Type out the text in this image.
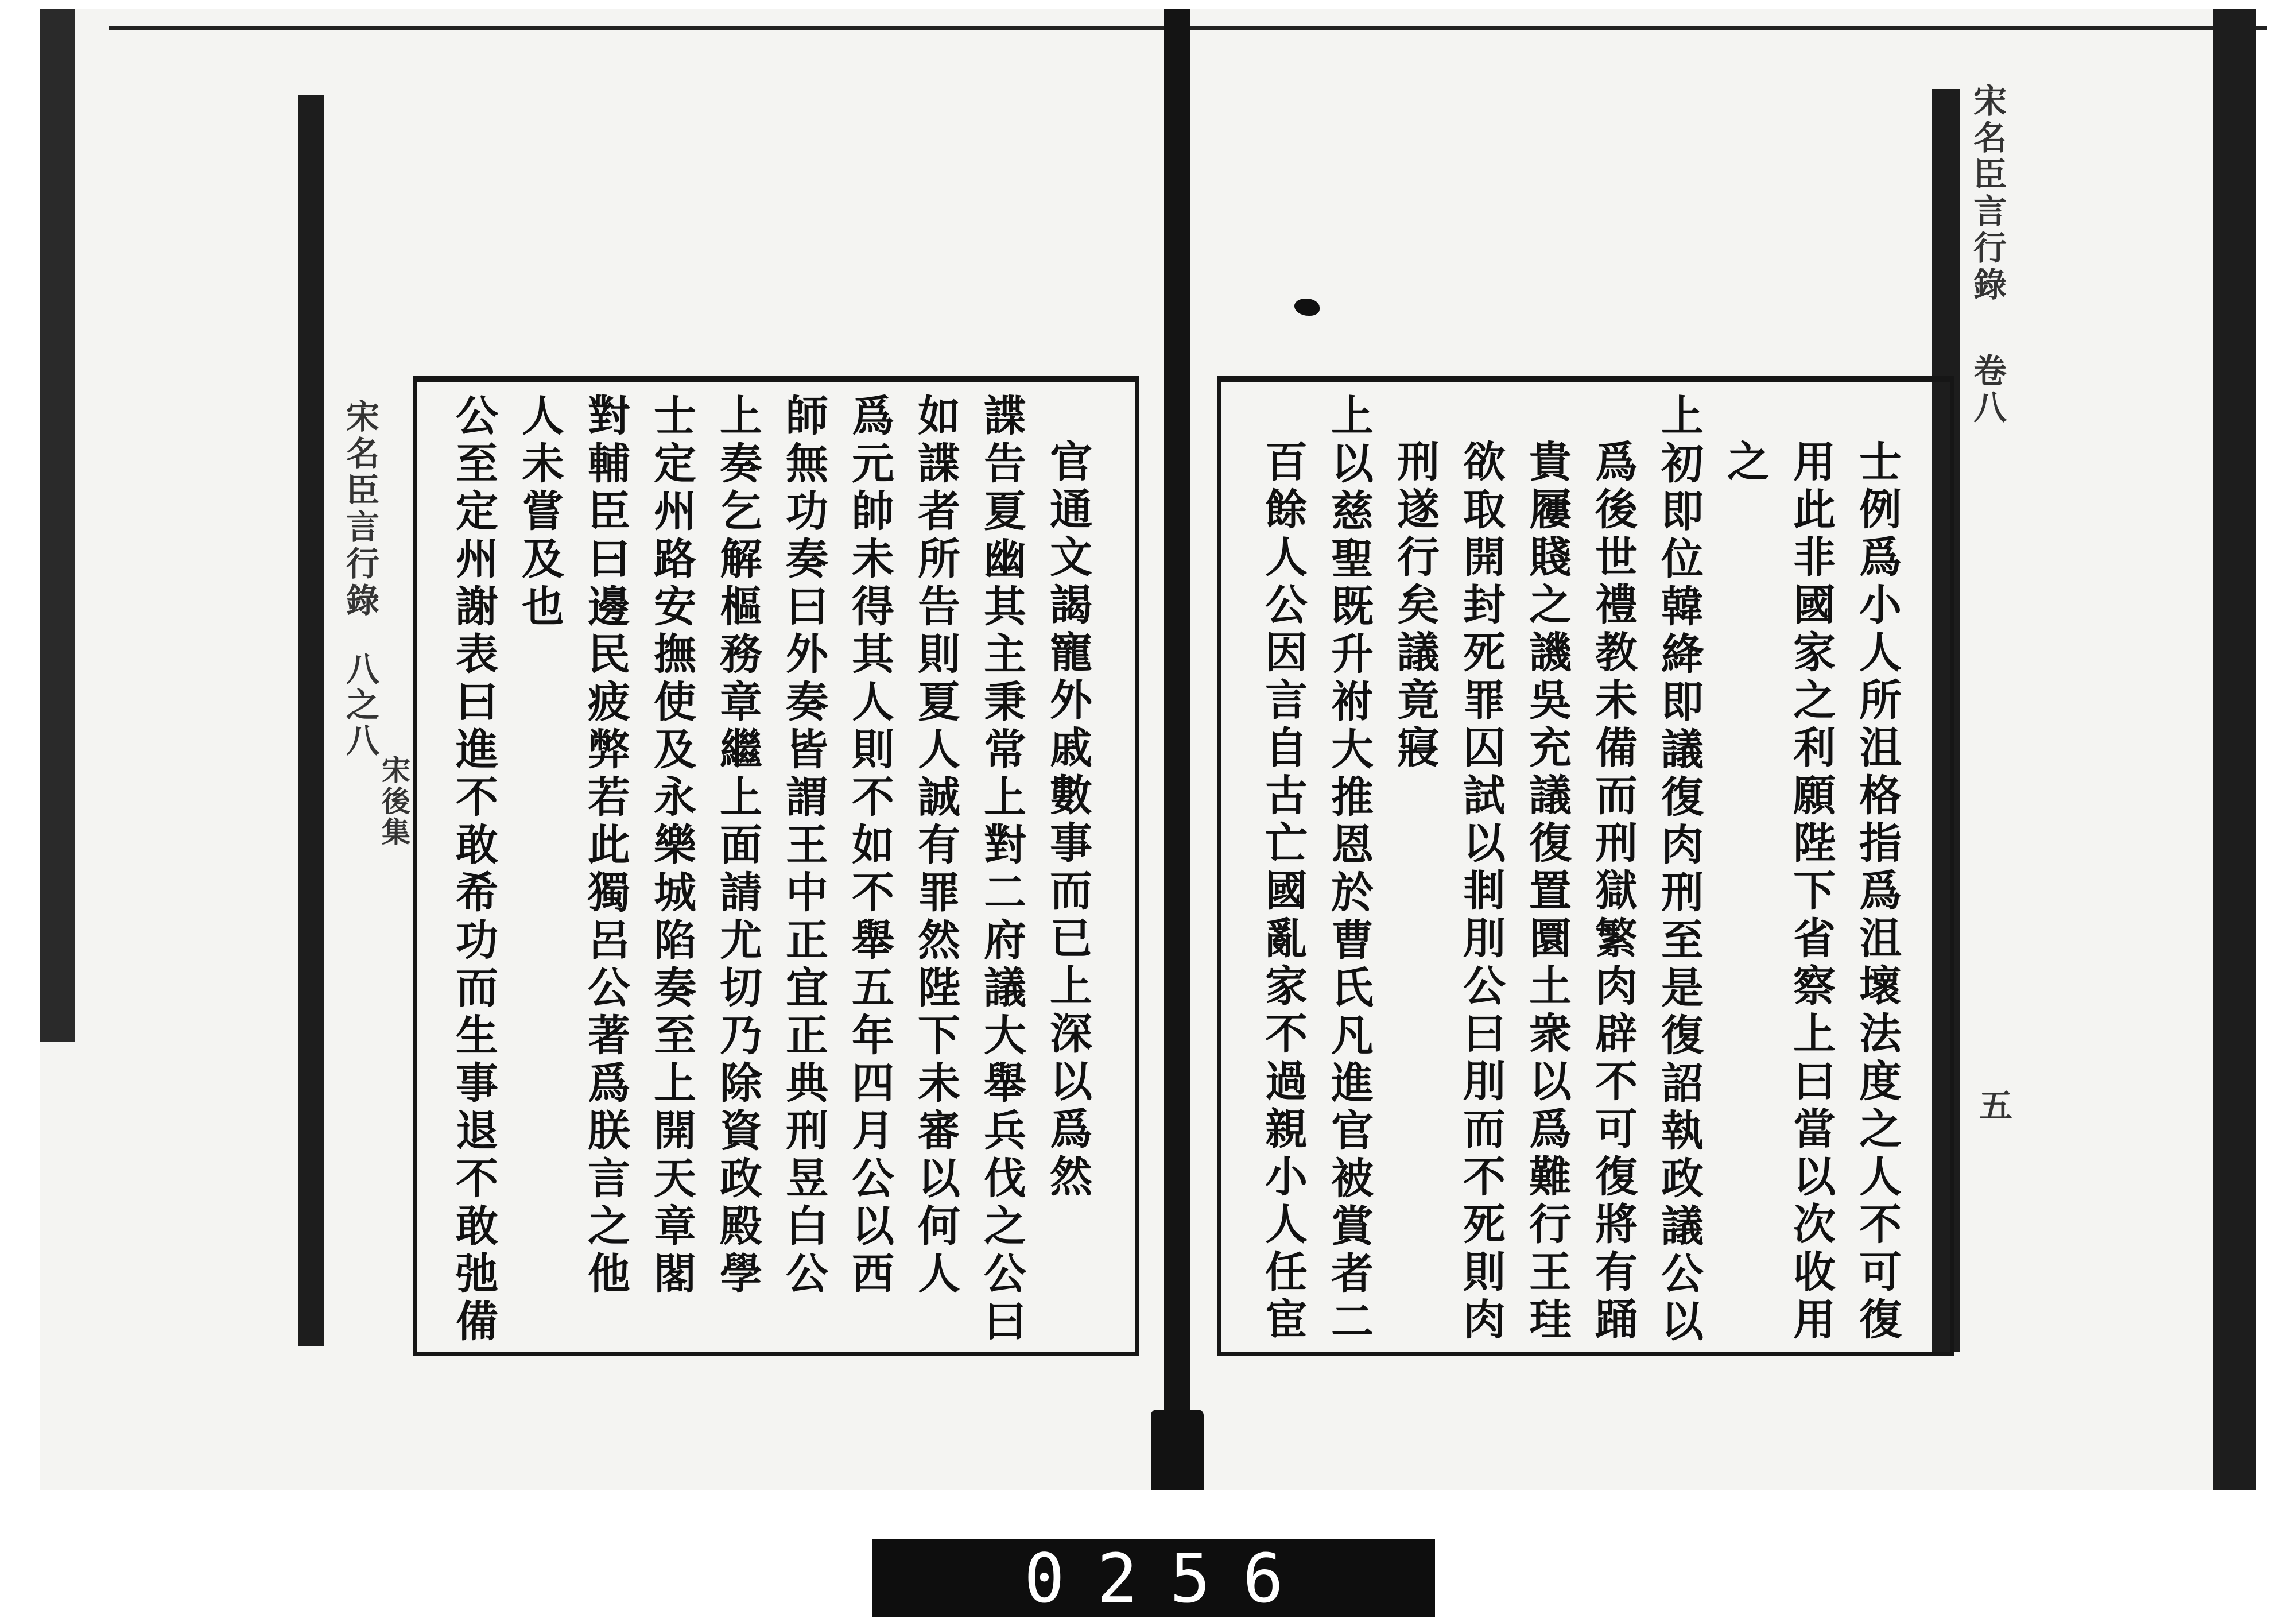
宋名臣言行錄
八之八
宋後集 公至定州謝表曰進不敢希功而生事退不敢弛備 人未嘗及也 對輔臣曰邊民疲弊若此獨呂公著爲朕言之他 士定州路安撫使及永樂城陷奏至上開天章閣 上奏乞解樞務章繼上面請尤切乃除資政殿學 師無功奏曰外奏皆謂王中正宜正典刑昱白公 爲元帥未得其人則不如不舉五年四月公以西 如諜者所告則夏人誠有罪然陛下未審以何人 諜告夏幽其主秉常上對二府議大舉兵伐之公曰 官通文謁寵外戚數事而已上深以爲然	百餘人公因言自古亡國亂家不過親小人任宦 上以慈聖既升祔大推恩於曹氏凡進官被賞者二 刑遂行矣議竟寢 欲取開封死罪囚試以剕刖公曰刖而不死則肉 貴屨賤之譏吳充議復置圜土衆以爲難行王珪 爲後世禮教未備而刑獄繁肉辟不可復將有踊 上初即位韓絳即議復肉刑至是復詔執政議公以 之 用此非國家之利願陛下省察上曰當以次收用 士例爲小人所沮格指爲沮壞法度之人不可復
宋名臣言行錄
卷八
五
0256
